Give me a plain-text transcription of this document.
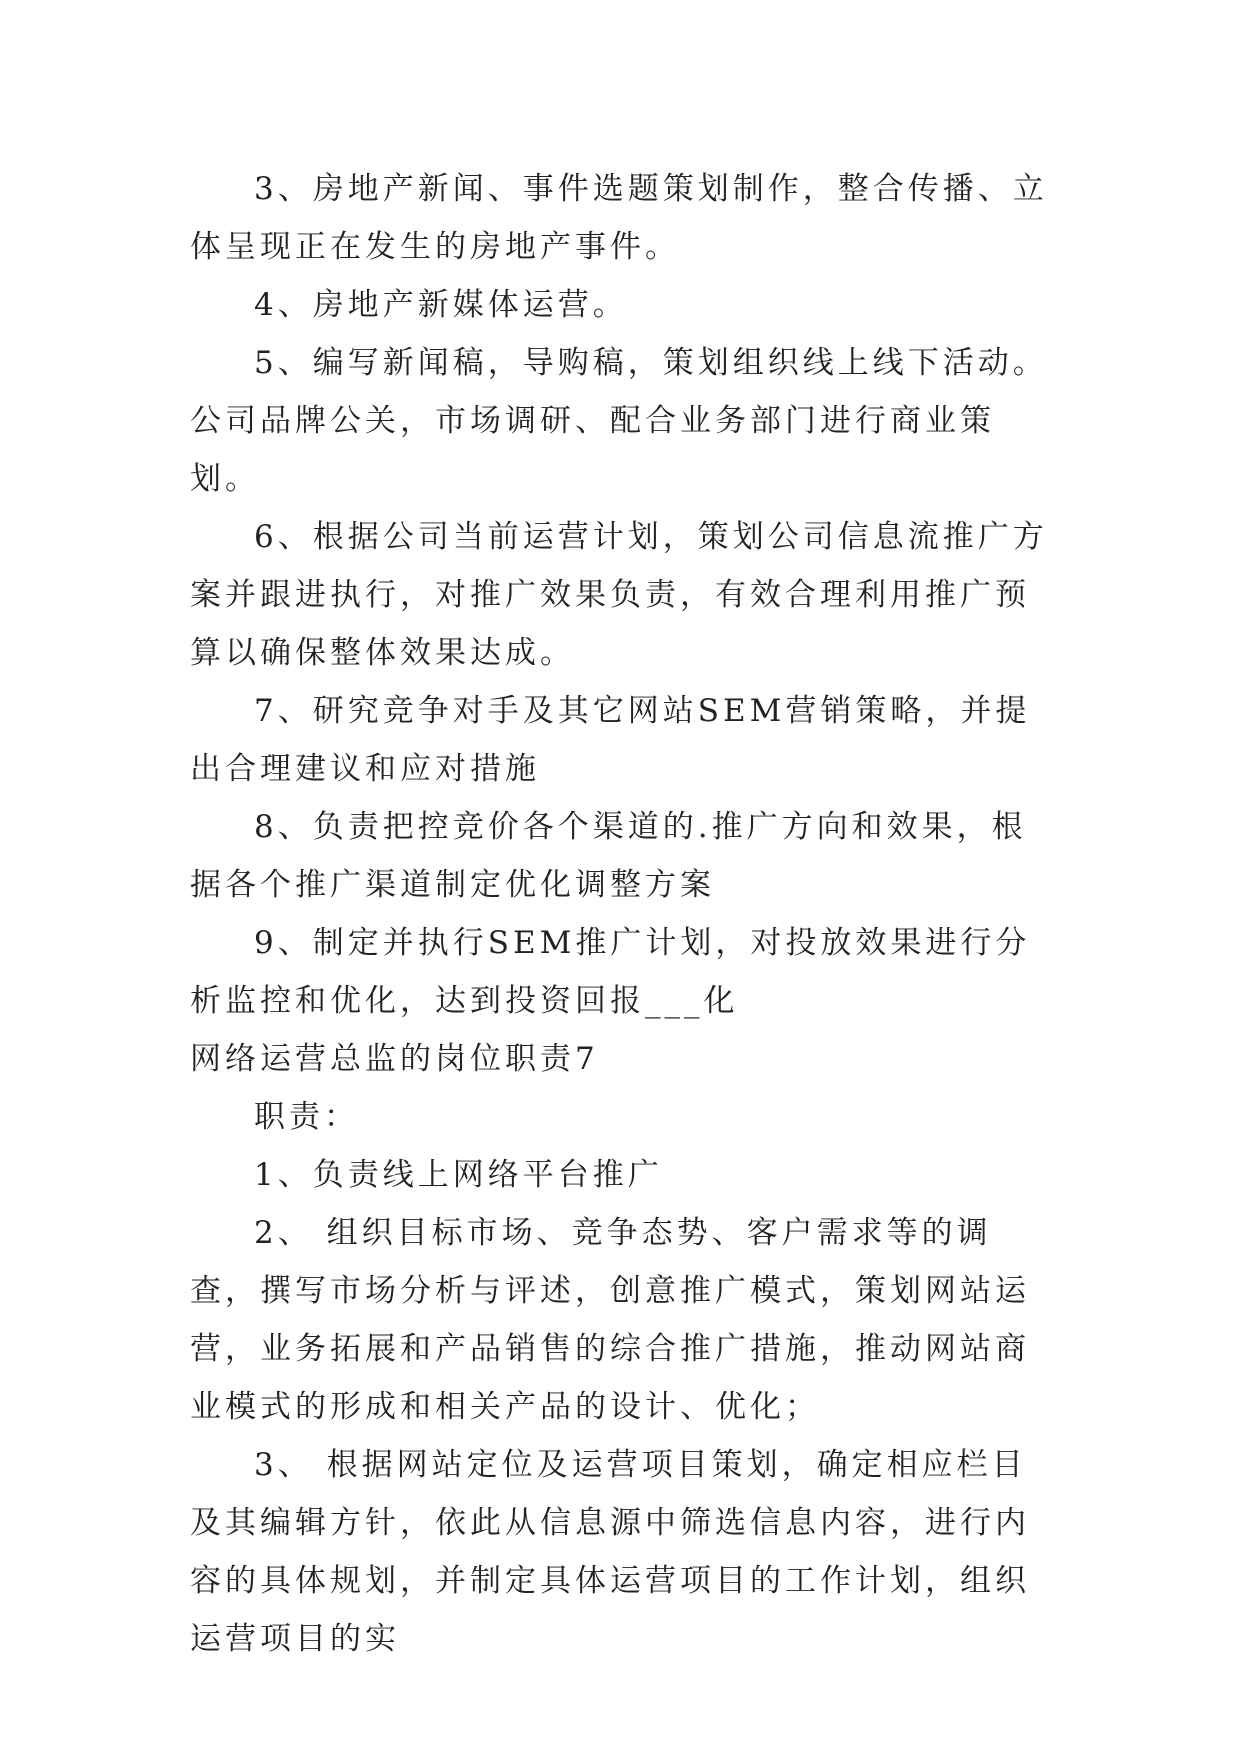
3、房地产新闻、事件选题策划制作，整合传播、立体呈现正在发生的房地产事件。

4、房地产新媒体运营。

5、编写新闻稿，导购稿，策划组织线上线下活动。公司品牌公关，市场调研、配合业务部门进行商业策划。

6、根据公司当前运营计划，策划公司信息流推广方案并跟进执行，对推广效果负责，有效合理利用推广预算以确保整体效果达成。

7、研究竞争对手及其它网站SEM营销策略，并提出合理建议和应对措施

8、负责把控竞价各个渠道的.推广方向和效果，根据各个推广渠道制定优化调整方案

9、制定并执行SEM推广计划，对投放效果进行分析监控和优化，达到投资回报___化

网络运营总监的岗位职责7

职责：

1、负责线上网络平台推广

2、 组织目标市场、竞争态势、客户需求等的调查，撰写市场分析与评述，创意推广模式，策划网站运营，业务拓展和产品销售的综合推广措施，推动网站商业模式的形成和相关产品的设计、优化；

3、 根据网站定位及运营项目策划，确定相应栏目及其编辑方针，依此从信息源中筛选信息内容，进行内容的具体规划，并制定具体运营项目的工作计划，组织运营项目的实
